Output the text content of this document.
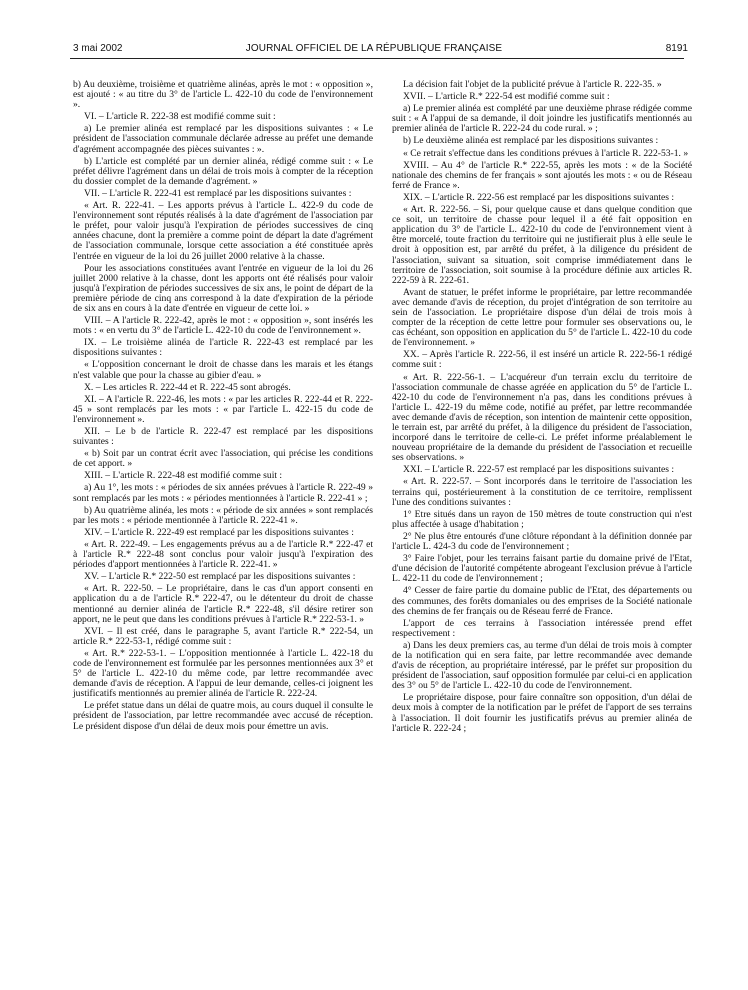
3 mai 2002	JOURNAL OFFICIEL DE LA RÉPUBLIQUE FRANÇAISE	8191

b) Au deuxième, troisième et quatrième alinéas, après le mot : « opposition », est ajouté : « au titre du 3° de l'article L. 422-10 du code de l'environnement ».

VI. – L'article R. 222-38 est modifié comme suit :

a) Le premier alinéa est remplacé par les dispositions suivantes : « Le président de l'association communale déclarée adresse au préfet une demande d'agrément accompagnée des pièces suivantes : ».

b) L'article est complété par un dernier alinéa, rédigé comme suit : « Le préfet délivre l'agrément dans un délai de trois mois à compter de la réception du dossier complet de la demande d'agrément. »

VII. – L'article R. 222-41 est remplacé par les dispositions suivantes :

« Art. R. 222-41. – Les apports prévus à l'article L. 422-9 du code de l'environnement sont réputés réalisés à la date d'agrément de l'association par le préfet, pour valoir jusqu'à l'expiration de périodes successives de cinq années chacune, dont la première a comme point de départ la date d'agrément de l'association communale, lorsque cette association a été constituée après l'entrée en vigueur de la loi du 26 juillet 2000 relative à la chasse.

Pour les associations constituées avant l'entrée en vigueur de la loi du 26 juillet 2000 relative à la chasse, dont les apports ont été réalisés pour valoir jusqu'à l'expiration de périodes successives de six ans, le point de départ de la première période de cinq ans correspond à la date d'expiration de la période de six ans en cours à la date d'entrée en vigueur de cette loi. »

VIII. – A l'article R. 222-42, après le mot : « opposition », sont insérés les mots : « en vertu du 3° de l'article L. 422-10 du code de l'environnement ».

IX. – Le troisième alinéa de l'article R. 222-43 est remplacé par les dispositions suivantes :

« L'opposition concernant le droit de chasse dans les marais et les étangs n'est valable que pour la chasse au gibier d'eau. »

X. – Les articles R. 222-44 et R. 222-45 sont abrogés.

XI. – A l'article R. 222-46, les mots : « par les articles R. 222-44 et R. 222-45 » sont remplacés par les mots : « par l'article L. 422-15 du code de l'environnement ».

XII. – Le b de l'article R. 222-47 est remplacé par les dispositions suivantes :

« b) Soit par un contrat écrit avec l'association, qui précise les conditions de cet apport. »

XIII. – L'article R. 222-48 est modifié comme suit :

a) Au 1°, les mots : « périodes de six années prévues à l'article R. 222-49 » sont remplacés par les mots : « périodes mentionnées à l'article R. 222-41 » ;

b) Au quatrième alinéa, les mots : « période de six années » sont remplacés par les mots : « période mentionnée à l'article R. 222-41 ».

XIV. – L'article R. 222-49 est remplacé par les dispositions suivantes :

« Art. R. 222-49. – Les engagements prévus au a de l'article R.* 222-47 et à l'article R.* 222-48 sont conclus pour valoir jusqu'à l'expiration des périodes d'apport mentionnées à l'article R. 222-41. »

XV. – L'article R.* 222-50 est remplacé par les dispositions suivantes :

« Art. R. 222-50. – Le propriétaire, dans le cas d'un apport consenti en application du a de l'article R.* 222-47, ou le détenteur du droit de chasse mentionné au dernier alinéa de l'article R.* 222-48, s'il désire retirer son apport, ne le peut que dans les conditions prévues à l'article R.* 222-53-1. »

XVI. – Il est créé, dans le paragraphe 5, avant l'article R.* 222-54, un article R.* 222-53-1, rédigé comme suit :

« Art. R.* 222-53-1. – L'opposition mentionnée à l'article L. 422-18 du code de l'environnement est formulée par les personnes mentionnées aux 3° et 5° de l'article L. 422-10 du même code, par lettre recommandée avec demande d'avis de réception. A l'appui de leur demande, celles-ci joignent les justificatifs mentionnés au premier alinéa de l'article R. 222-24.

Le préfet statue dans un délai de quatre mois, au cours duquel il consulte le président de l'association, par lettre recommandée avec accusé de réception. Le président dispose d'un délai de deux mois pour émettre un avis.

La décision fait l'objet de la publicité prévue à l'article R. 222-35. »

XVII. – L'article R.* 222-54 est modifié comme suit :

a) Le premier alinéa est complété par une deuxième phrase rédigée comme suit : « A l'appui de sa demande, il doit joindre les justificatifs mentionnés au premier alinéa de l'article R. 222-24 du code rural. » ;

b) Le deuxième alinéa est remplacé par les dispositions suivantes :

« Ce retrait s'effectue dans les conditions prévues à l'article R. 222-53-1. »

XVIII. – Au 4° de l'article R.* 222-55, après les mots : « de la Société nationale des chemins de fer français » sont ajoutés les mots : « ou de Réseau ferré de France ».

XIX. – L'article R. 222-56 est remplacé par les dispositions suivantes :

« Art. R. 222-56. – Si, pour quelque cause et dans quelque condition que ce soit, un territoire de chasse pour lequel il a été fait opposition en application du 3° de l'article L. 422-10 du code de l'environnement vient à être morcelé, toute fraction du territoire qui ne justifierait plus à elle seule le droit à opposition est, par arrêté du préfet, à la diligence du président de l'association, suivant sa situation, soit comprise immédiatement dans le territoire de l'association, soit soumise à la procédure définie aux articles R. 222-59 à R. 222-61.

Avant de statuer, le préfet informe le propriétaire, par lettre recommandée avec demande d'avis de réception, du projet d'intégration de son territoire au sein de l'association. Le propriétaire dispose d'un délai de trois mois à compter de la réception de cette lettre pour formuler ses observations ou, le cas échéant, son opposition en application du 5° de l'article L. 422-10 du code de l'environnement. »

XX. – Après l'article R. 222-56, il est inséré un article R. 222-56-1 rédigé comme suit :

« Art. R. 222-56-1. – L'acquéreur d'un terrain exclu du territoire de l'association communale de chasse agréée en application du 5° de l'article L. 422-10 du code de l'environnement n'a pas, dans les conditions prévues à l'article L. 422-19 du même code, notifié au préfet, par lettre recommandée avec demande d'avis de réception, son intention de maintenir cette opposition, le terrain est, par arrêté du préfet, à la diligence du président de l'association, incorporé dans le territoire de celle-ci. Le préfet informe préalablement le nouveau propriétaire de la demande du président de l'association et recueille ses observations. »

XXI. – L'article R. 222-57 est remplacé par les dispositions suivantes :

« Art. R. 222-57. – Sont incorporés dans le territoire de l'association les terrains qui, postérieurement à la constitution de ce territoire, remplissent l'une des conditions suivantes :

1° Etre situés dans un rayon de 150 mètres de toute construction qui n'est plus affectée à usage d'habitation ;

2° Ne plus être entourés d'une clôture répondant à la définition donnée par l'article L. 424-3 du code de l'environnement ;

3° Faire l'objet, pour les terrains faisant partie du domaine privé de l'Etat, d'une décision de l'autorité compétente abrogeant l'exclusion prévue à l'article L. 422-11 du code de l'environnement ;

4° Cesser de faire partie du domaine public de l'Etat, des départements ou des communes, des forêts domaniales ou des emprises de la Société nationale des chemins de fer français ou de Réseau ferré de France.

L'apport de ces terrains à l'association intéressée prend effet respectivement :

a) Dans les deux premiers cas, au terme d'un délai de trois mois à compter de la notification qui en sera faite, par lettre recommandée avec demande d'avis de réception, au propriétaire intéressé, par le préfet sur proposition du président de l'association, sauf opposition formulée par celui-ci en application des 3° ou 5° de l'article L. 422-10 du code de l'environnement.

Le propriétaire dispose, pour faire connaître son opposition, d'un délai de deux mois à compter de la notification par le préfet de l'apport de ses terrains à l'association. Il doit fournir les justificatifs prévus au premier alinéa de l'article R. 222-24 ;
